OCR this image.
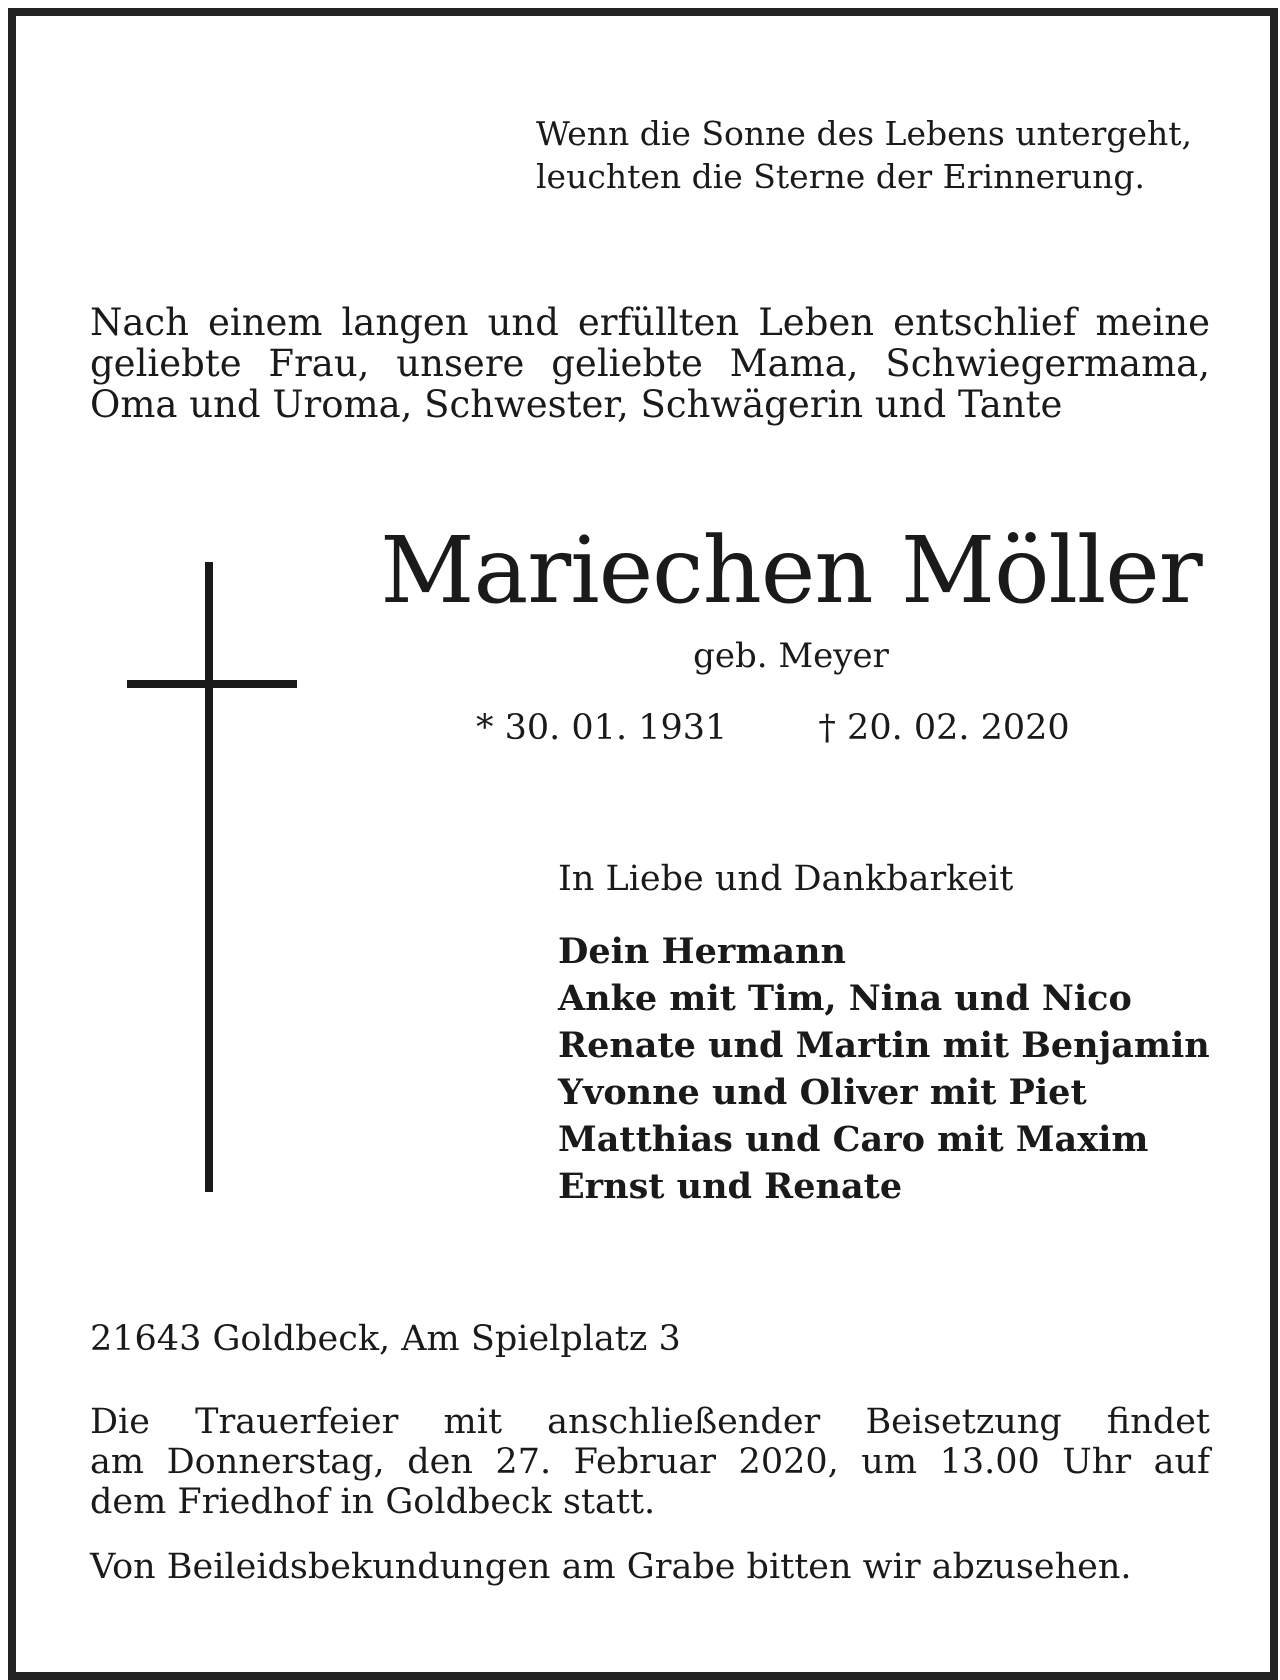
Wenn die Sonne des Lebens untergeht,
leuchten die Sterne der Erinnerung.
Nach einem langen und erfüllten Leben entschlief meine
geliebte Frau, unsere geliebte Mama, Schwiegermama,
Oma und Uroma, Schwester, Schwägerin und Tante
Mariechen Möller
geb. Meyer
* 30. 01. 1931	† 20. 02. 2020
In Liebe und Dankbarkeit
Dein Hermann
Anke mit Tim, Nina und Nico
Renate und Martin mit Benjamin
Yvonne und Oliver mit Piet
Matthias und Caro mit Maxim
Ernst und Renate
21643 Goldbeck, Am Spielplatz 3
Die Trauerfeier mit anschließender Beisetzung findet
am Donnerstag, den 27. Februar 2020, um 13.00 Uhr auf
dem Friedhof in Goldbeck statt.
Von Beileidsbekundungen am Grabe bitten wir abzusehen.
